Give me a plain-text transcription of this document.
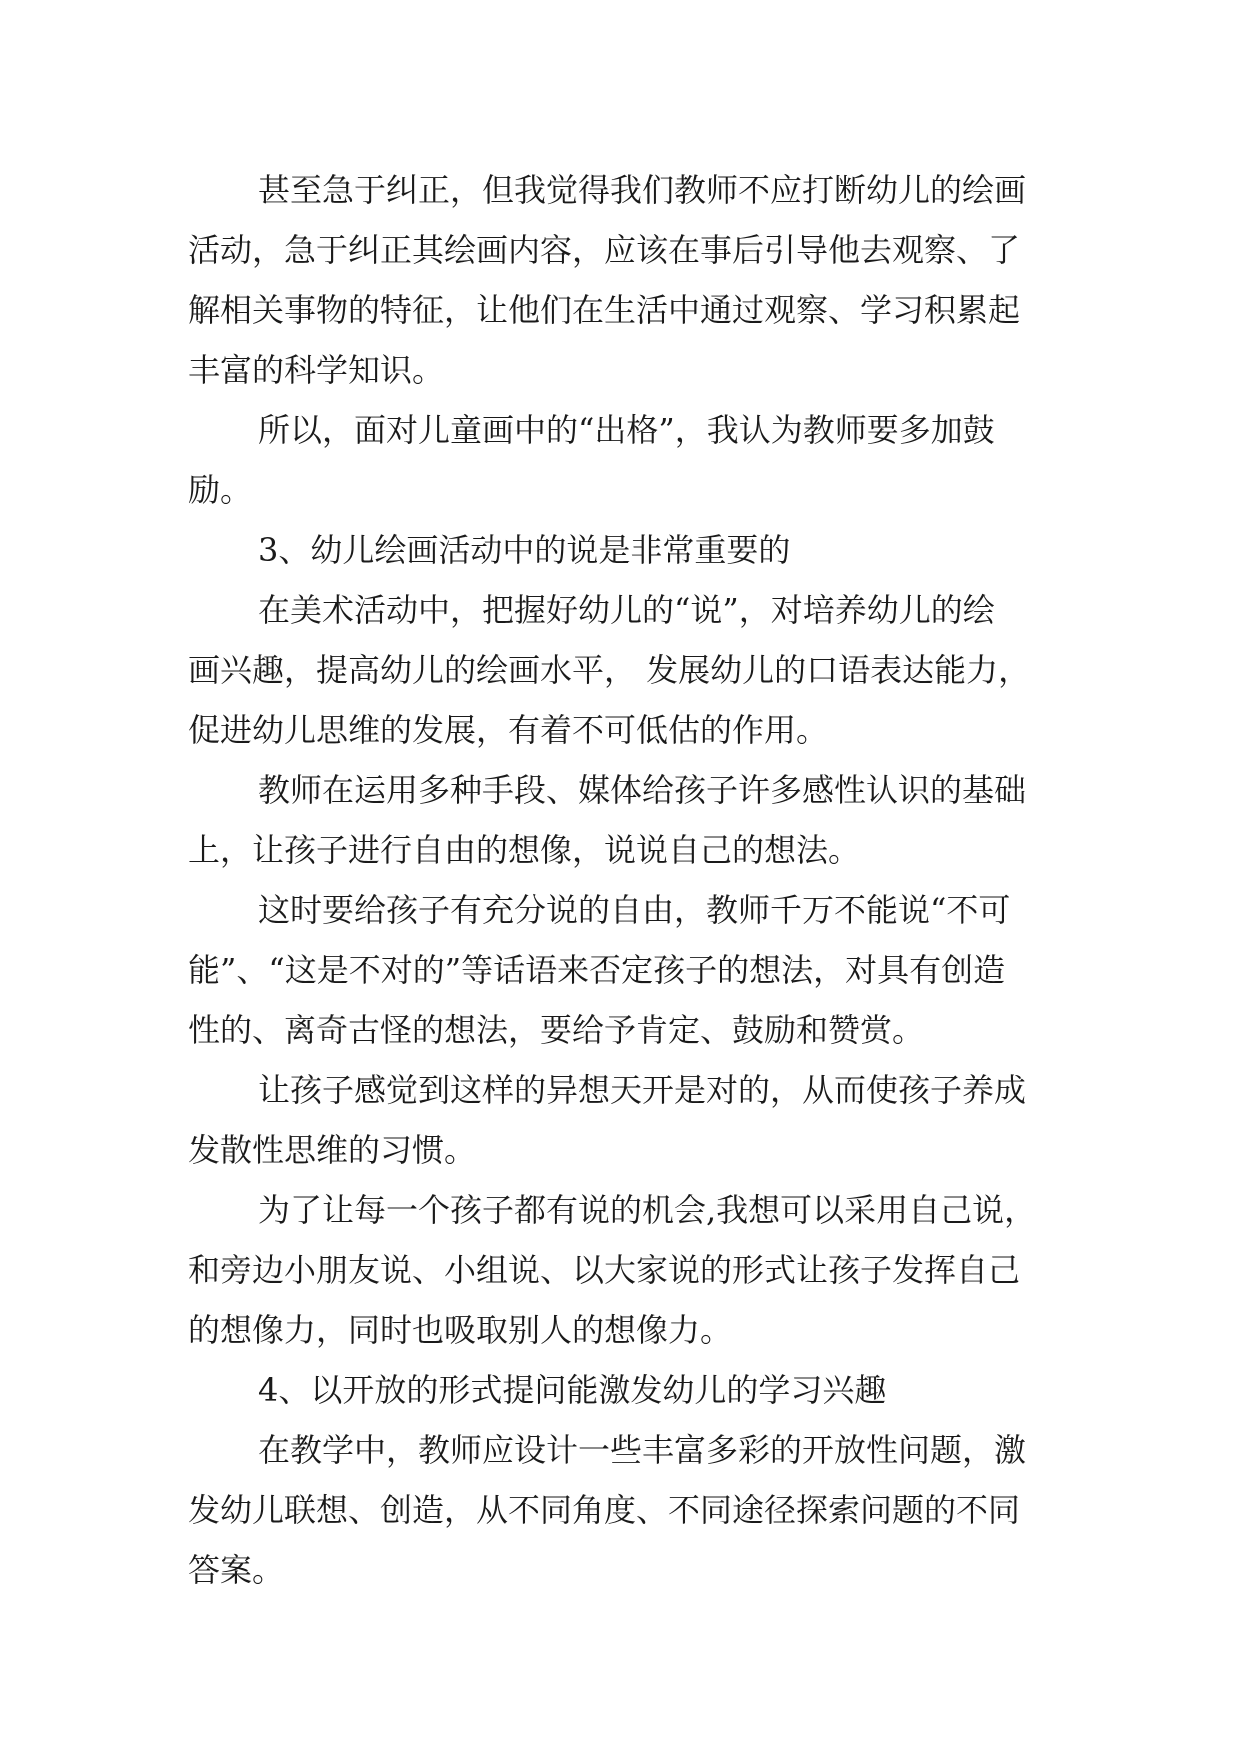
甚至急于纠正，但我觉得我们教师不应打断幼儿的绘画

活动，急于纠正其绘画内容，应该在事后引导他去观察、了

解相关事物的特征，让他们在生活中通过观察、学习积累起

丰富的科学知识。

所以，面对儿童画中的“出格”，我认为教师要多加鼓

励。

3、幼儿绘画活动中的说是非常重要的

在美术活动中，把握好幼儿的“说”，对培养幼儿的绘

画兴趣，提高幼儿的绘画水平， 发展幼儿的口语表达能力，

促进幼儿思维的发展，有着不可低估的作用。

教师在运用多种手段、媒体给孩子许多感性认识的基础

上，让孩子进行自由的想像，说说自己的想法。

这时要给孩子有充分说的自由，教师千万不能说“不可

能”、“这是不对的”等话语来否定孩子的想法，对具有创造

性的、离奇古怪的想法，要给予肯定、鼓励和赞赏。

让孩子感觉到这样的异想天开是对的，从而使孩子养成

发散性思维的习惯。

为了让每一个孩子都有说的机会,我想可以采用自己说，

和旁边小朋友说、小组说、以大家说的形式让孩子发挥自己

的想像力，同时也吸取别人的想像力。

4、以开放的形式提问能激发幼儿的学习兴趣

在教学中，教师应设计一些丰富多彩的开放性问题，激

发幼儿联想、创造，从不同角度、不同途径探索问题的不同

答案。
